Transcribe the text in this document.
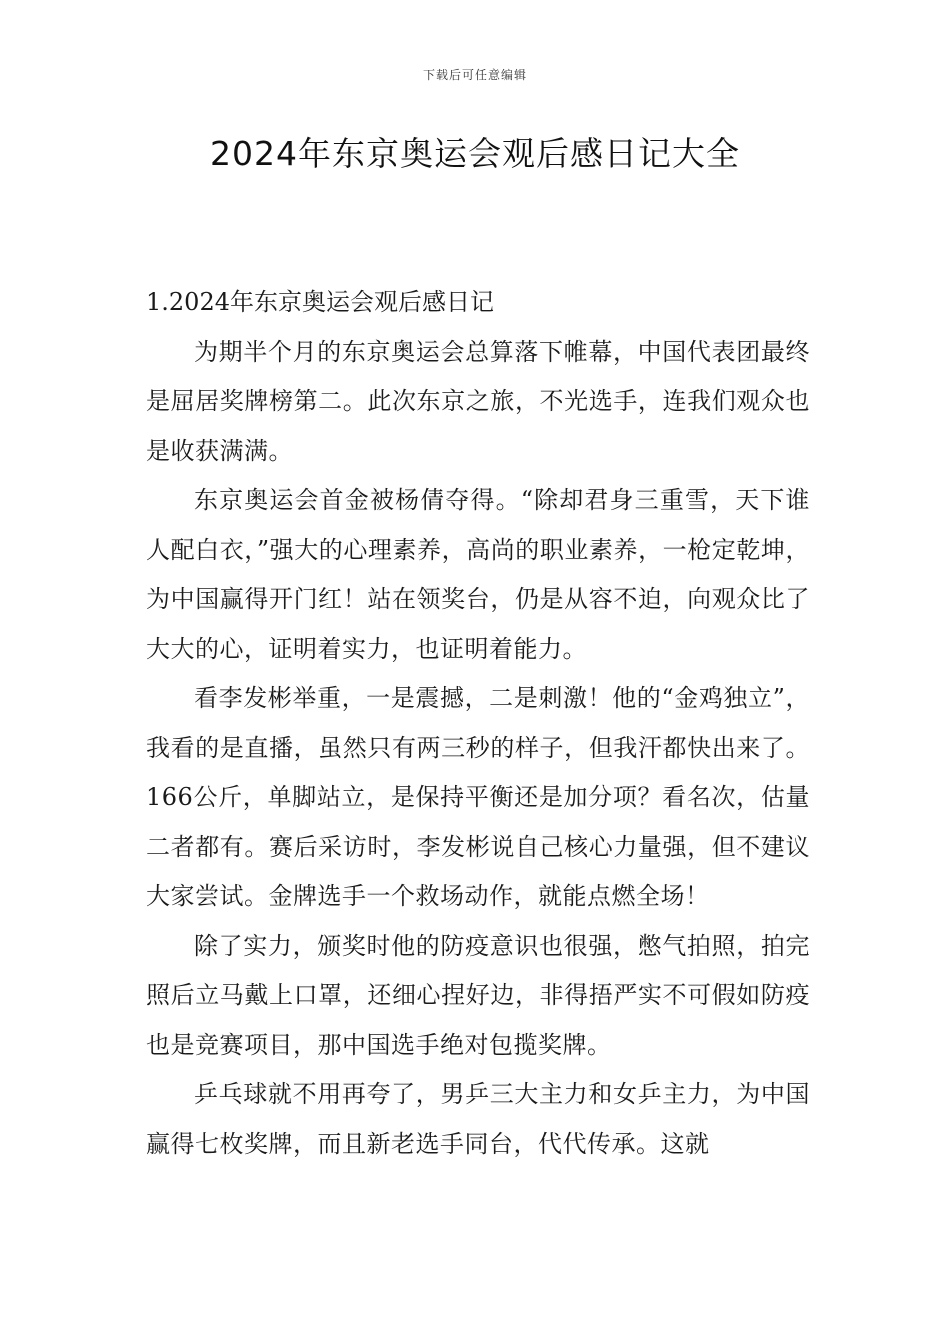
下载后可任意编辑
2024年东京奥运会观后感日记大全

1.2024年东京奥运会观后感日记

为期半个月的东京奥运会总算落下帷幕，中国代表团最终是屈居奖牌榜第二。此次东京之旅，不光选手，连我们观众也是收获满满。

东京奥运会首金被杨倩夺得。“除却君身三重雪，天下谁人配白衣，”强大的心理素养，高尚的职业素养，一枪定乾坤，为中国赢得开门红！站在领奖台，仍是从容不迫，向观众比了大大的心，证明着实力，也证明着能力。

看李发彬举重，一是震撼，二是刺激！他的“金鸡独立”，我看的是直播，虽然只有两三秒的样子，但我汗都快出来了。166公斤，单脚站立，是保持平衡还是加分项？看名次，估量二者都有。赛后采访时，李发彬说自己核心力量强，但不建议大家尝试。金牌选手一个救场动作，就能点燃全场！

除了实力，颁奖时他的防疫意识也很强，憋气拍照，拍完照后立马戴上口罩，还细心捏好边，非得捂严实不可假如防疫也是竞赛项目，那中国选手绝对包揽奖牌。

乒乓球就不用再夸了，男乒三大主力和女乒主力，为中国赢得七枚奖牌，而且新老选手同台，代代传承。这就
